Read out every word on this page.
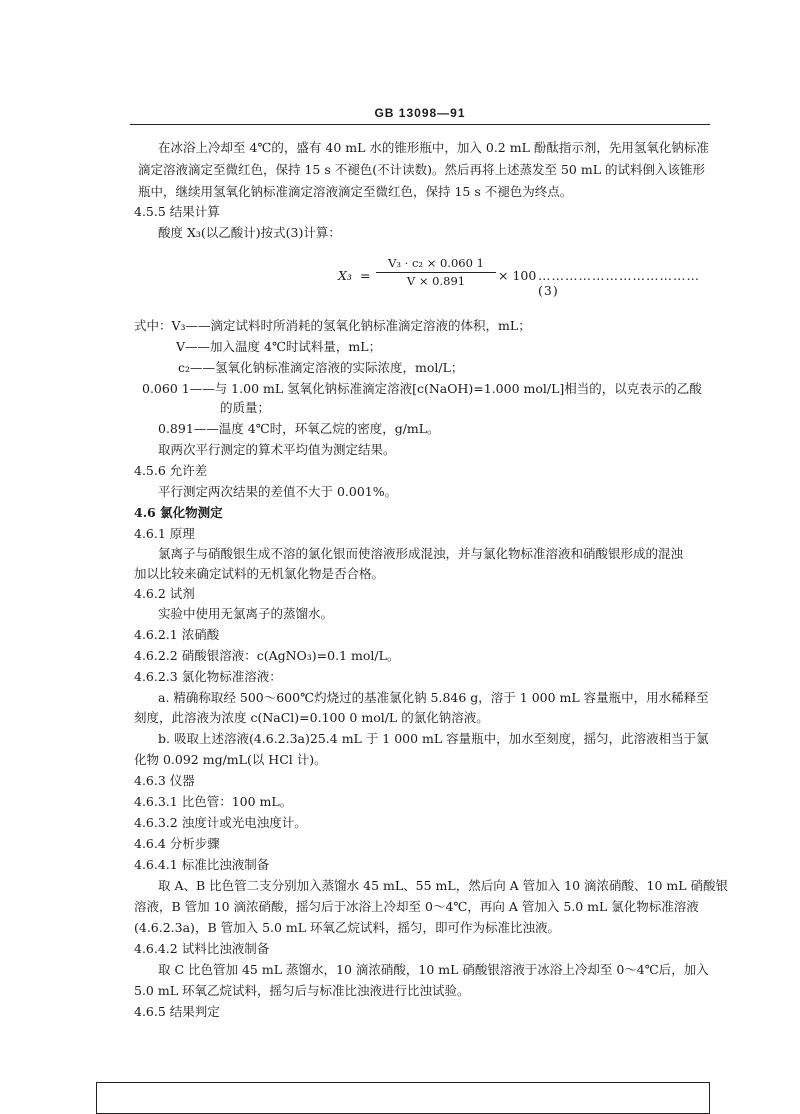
GB 13098—91
在冰浴上冷却至 4℃的，盛有 40 mL 水的锥形瓶中，加入 0.2 mL 酚酞指示剂，先用氢氧化钠标准
滴定溶液滴定至微红色，保持 15 s 不褪色(不计读数)。然后再将上述蒸发至 50 mL 的试料倒入该锥形
瓶中，继续用氢氧化钠标准滴定溶液滴定至微红色，保持 15 s 不褪色为终点。
4.5.5 结果计算
酸度 X₃(以乙酸计)按式(3)计算：
X₃ =
V₃ · c₂ × 0.060 1
V × 0.891	× 100 ………………………………(3)
式中：V₃——滴定试料时所消耗的氢氧化钠标准滴定溶液的体积，mL；
V——加入温度 4℃时试料量，mL；
c₂——氢氧化钠标准滴定溶液的实际浓度，mol/L；
0.060 1——与 1.00 mL 氢氧化钠标准滴定溶液[c(NaOH)=1.000 mol/L]相当的，以克表示的乙酸
的质量；
0.891——温度 4℃时，环氧乙烷的密度，g/mL。
取两次平行测定的算术平均值为测定结果。
4.5.6 允许差
平行测定两次结果的差值不大于 0.001%。
4.6 氯化物测定
4.6.1 原理
氯离子与硝酸银生成不溶的氯化银而使溶液形成混浊，并与氯化物标准溶液和硝酸银形成的混浊
加以比较来确定试料的无机氯化物是否合格。
4.6.2 试剂
实验中使用无氯离子的蒸馏水。
4.6.2.1 浓硝酸
4.6.2.2 硝酸银溶液：c(AgNO₃)=0.1 mol/L。
4.6.2.3 氯化物标准溶液：
a. 精确称取经 500～600℃灼烧过的基准氯化钠 5.846 g，溶于 1 000 mL 容量瓶中，用水稀释至
刻度，此溶液为浓度 c(NaCl)=0.100 0 mol/L 的氯化钠溶液。
b. 吸取上述溶液(4.6.2.3a)25.4 mL 于 1 000 mL 容量瓶中，加水至刻度，摇匀，此溶液相当于氯
化物 0.092 mg/mL(以 HCl 计)。
4.6.3 仪器
4.6.3.1 比色管：100 mL。
4.6.3.2 浊度计或光电浊度计。
4.6.4 分析步骤
4.6.4.1 标准比浊液制备
取 A、B 比色管二支分别加入蒸馏水 45 mL、55 mL，然后向 A 管加入 10 滴浓硝酸、10 mL 硝酸银
溶液，B 管加 10 滴浓硝酸，摇匀后于冰浴上冷却至 0～4℃，再向 A 管加入 5.0 mL 氯化物标准溶液
(4.6.2.3a)，B 管加入 5.0 mL 环氧乙烷试料，摇匀，即可作为标准比浊液。
4.6.4.2 试料比浊液制备
取 C 比色管加 45 mL 蒸馏水，10 滴浓硝酸，10 mL 硝酸银溶液于冰浴上冷却至 0～4℃后，加入
5.0 mL 环氧乙烷试料，摇匀后与标准比浊液进行比浊试验。
4.6.5 结果判定
